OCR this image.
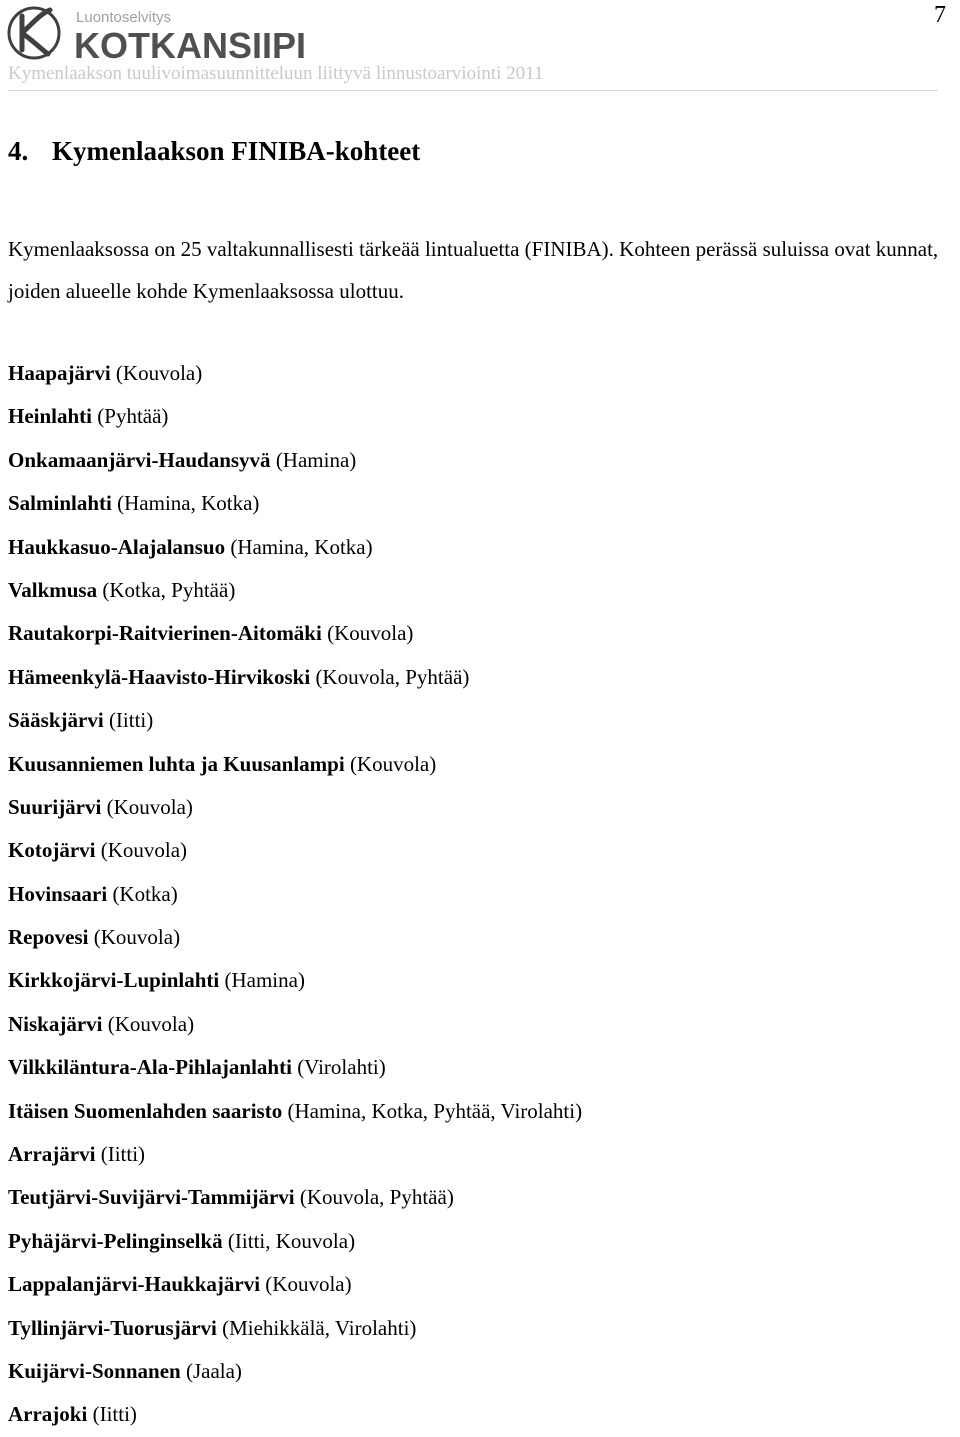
7
Luontoselvitys
KOTKANSIIPI
Kymenlaakson tuulivoimasuunnitteluun liittyvä linnustoarviointi 2011
4. Kymenlaakson FINIBA-kohteet

Kymenlaaksossa on 25 valtakunnallisesti tärkeää lintualuetta (FINIBA). Kohteen perässä suluissa ovat kunnat, joiden alueelle kohde Kymenlaaksossa ulottuu.

Haapajärvi (Kouvola)
Heinlahti (Pyhtää)
Onkamaanjärvi-Haudansyvä (Hamina)
Salminlahti (Hamina, Kotka)
Haukkasuo-Alajalansuo (Hamina, Kotka)
Valkmusa (Kotka, Pyhtää)
Rautakorpi-Raitvierinen-Aitomäki (Kouvola)
Hämeenkylä-Haavisto-Hirvikoski (Kouvola, Pyhtää)
Sääskjärvi (Iitti)
Kuusanniemen luhta ja Kuusanlampi (Kouvola)
Suurijärvi (Kouvola)
Kotojärvi (Kouvola)
Hovinsaari (Kotka)
Repovesi (Kouvola)
Kirkkojärvi-Lupinlahti (Hamina)
Niskajärvi (Kouvola)
Vilkkiläntura-Ala-Pihlajanlahti (Virolahti)
Itäisen Suomenlahden saaristo (Hamina, Kotka, Pyhtää, Virolahti)
Arrajärvi (Iitti)
Teutjärvi-Suvijärvi-Tammijärvi (Kouvola, Pyhtää)
Pyhäjärvi-Pelinginselkä (Iitti, Kouvola)
Lappalanjärvi-Haukkajärvi (Kouvola)
Tyllinjärvi-Tuorusjärvi (Miehikkälä, Virolahti)
Kuijärvi-Sonnanen (Jaala)
Arrajoki (Iitti)
